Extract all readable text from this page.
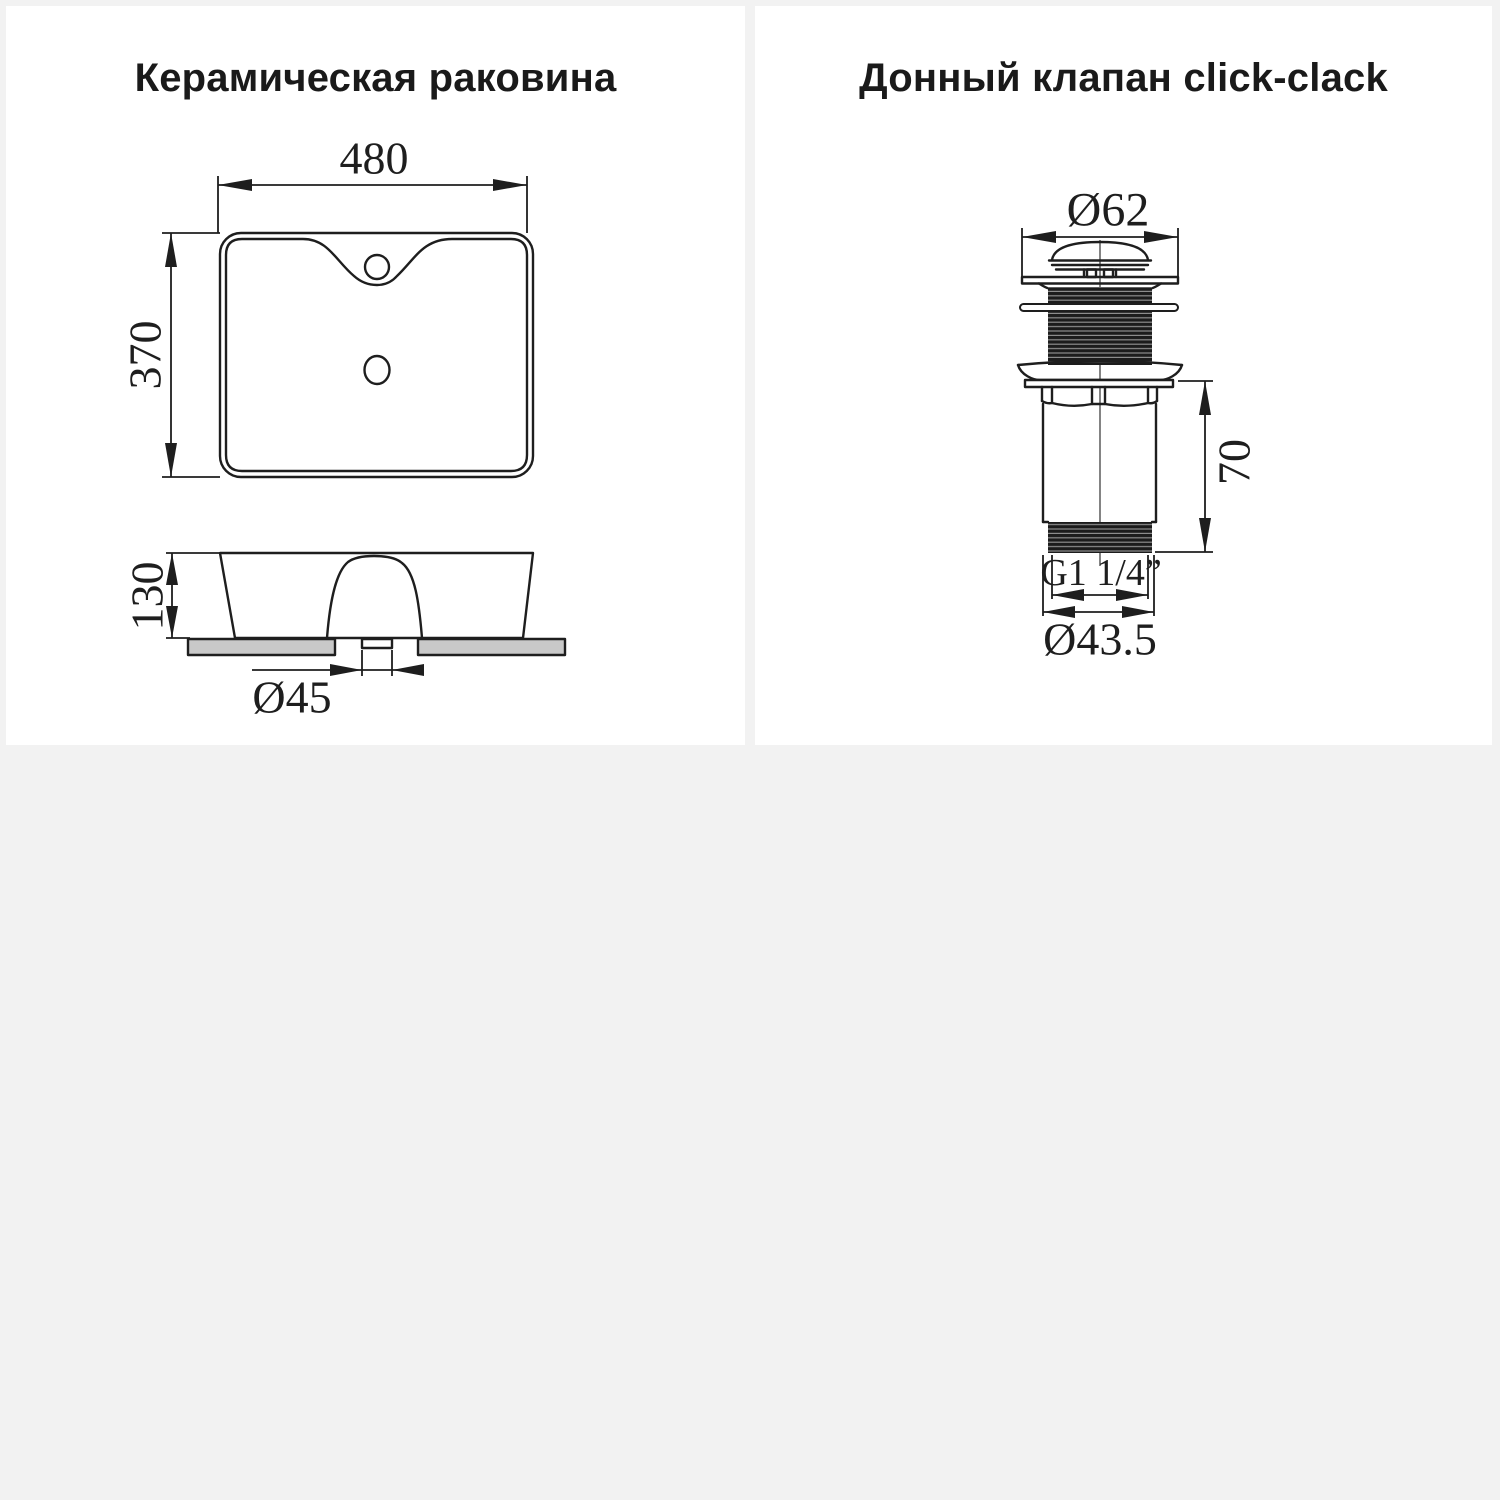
Керамическая раковина
480
370
130
Ø45
Донный клапан click-clack
Ø62
70
G1 1/4”
Ø43.5
